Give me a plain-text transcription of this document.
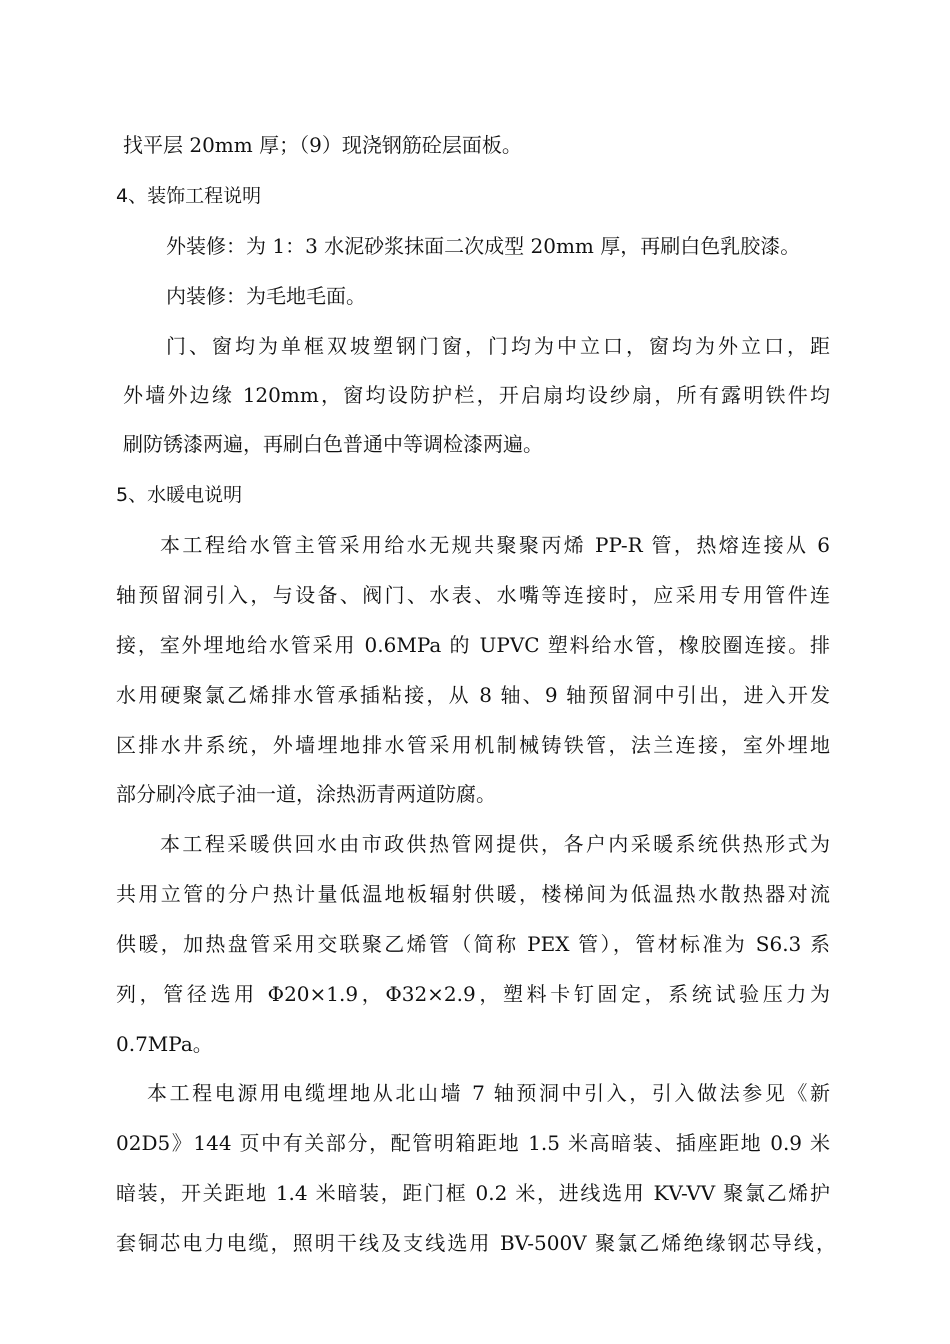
找平层 20mm 厚；（9）现浇钢筋砼层面板。
4、装饰工程说明
外装修：为 1：3 水泥砂浆抹面二次成型 20mm 厚，再刷白色乳胶漆。
内装修：为毛地毛面。
门、窗均为单框双坡塑钢门窗，门均为中立口，窗均为外立口，距
外墙外边缘 120mm，窗均设防护栏，开启扇均设纱扇，所有露明铁件均
刷防锈漆两遍，再刷白色普通中等调检漆两遍。
5、水暖电说明
本工程给水管主管采用给水无规共聚聚丙烯 PP-R 管，热熔连接从 6
轴预留洞引入，与设备、阀门、水表、水嘴等连接时，应采用专用管件连
接，室外埋地给水管采用 0.6MPa 的 UPVC 塑料给水管，橡胶圈连接。排
水用硬聚氯乙烯排水管承插粘接，从 8 轴、9 轴预留洞中引出，进入开发
区排水井系统，外墙埋地排水管采用机制械铸铁管，法兰连接，室外埋地
部分刷冷底子油一道，涂热沥青两道防腐。
本工程采暖供回水由市政供热管网提供，各户内采暖系统供热形式为
共用立管的分户热计量低温地板辐射供暖，楼梯间为低温热水散热器对流
供暖，加热盘管采用交联聚乙烯管（简称 PEX 管），管材标准为 S6.3 系
列，管径选用 Φ20×1.9，Φ32×2.9，塑料卡钉固定，系统试验压力为
0.7MPa。
本工程电源用电缆埋地从北山墙 7 轴预洞中引入，引入做法参见《新
02D5》144 页中有关部分，配管明箱距地 1.5 米高暗装、插座距地 0.9 米
暗装，开关距地 1.4 米暗装，距门框 0.2 米，进线选用 KV-VV 聚氯乙烯护
套铜芯电力电缆，照明干线及支线选用 BV-500V 聚氯乙烯绝缘钢芯导线，
